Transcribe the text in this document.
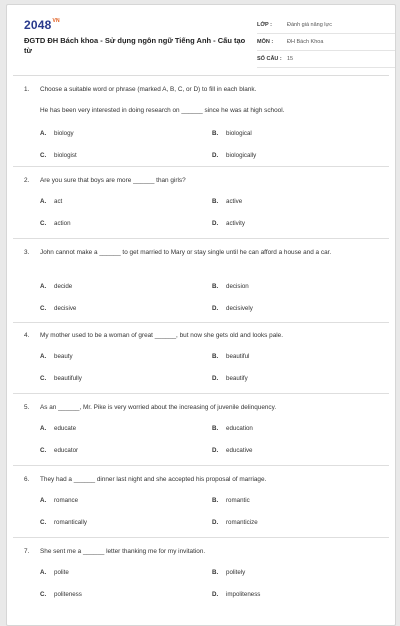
$2048^{VN}$
ĐGTD ĐH Bách khoa - Sử dụng ngôn ngữ Tiếng Anh - Cấu tạo từ
LỚP :	Đánh giá năng lực
MÔN :	ĐH Bách Khoa
SỐ CÂU : 15
1. Choose a suitable word or phrase (marked A, B, C, or D) to fill in each blank.
He has been very interested in doing research on ______ since he was at high school.
A. biology	B. biological
C. biologist	D. biologically
2. Are you sure that boys are more ______ than girls?
A. act	B. active
C. action	D. activity
3. John cannot make a ______ to get married to Mary or stay single until he can afford a house and a car.
A. decide	B. decision
C. decisive	D. decisively
4. My mother used to be a woman of great ______, but now she gets old and looks pale.
A. beauty	B. beautiful
C. beautifully	D. beautify
5. As an ______, Mr. Pike is very worried about the increasing of juvenile delinquency.
A. educate	B. education
C. educator	D. educative
6. They had a ______ dinner last night and she accepted his proposal of marriage.
A. romance	B. romantic
C. romantically	D. romanticize
7. She sent me a ______ letter thanking me for my invitation.
A. polite	B. politely
C. politeness	D. impoliteness
